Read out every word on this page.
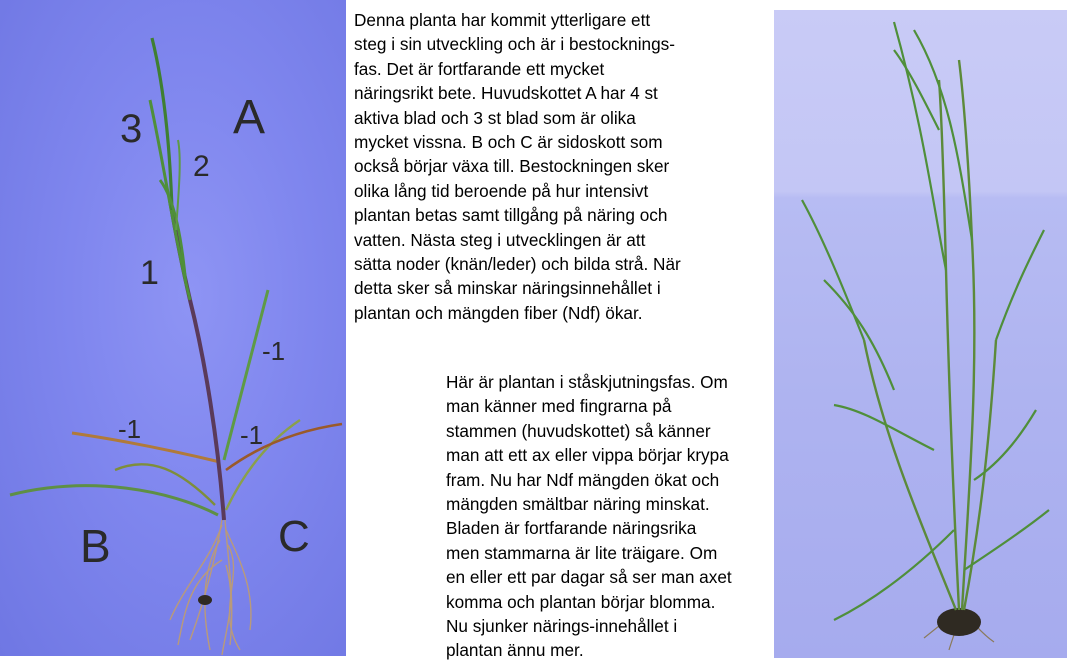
A
3
2
1
-1
-1	-1
B	C

Denna planta har kommit ytterligare ett
steg i sin utveckling och är i bestocknings-
fas. Det är fortfarande ett mycket
näringsrikt bete. Huvudskottet A har 4 st
aktiva blad och 3 st blad som är olika
mycket vissna. B och C är sidoskott som
också börjar växa till. Bestockningen sker
olika lång tid beroende på hur intensivt
plantan betas samt tillgång på näring och
vatten. Nästa steg i utvecklingen är att
sätta noder (knän/leder) och bilda strå. När
detta sker så minskar näringsinnehållet i
plantan och mängden fiber (Ndf) ökar.

Här är plantan i ståskjutningsfas. Om
man känner med fingrarna på
stammen (huvudskottet) så känner
man att ett ax eller vippa börjar krypa
fram. Nu har Ndf mängden ökat och
mängden smältbar näring minskat.
Bladen är fortfarande näringsrika
men stammarna är lite träigare. Om
en eller ett par dagar så ser man axet
komma och plantan börjar blomma.
Nu sjunker närings-innehållet i
plantan ännu mer.
